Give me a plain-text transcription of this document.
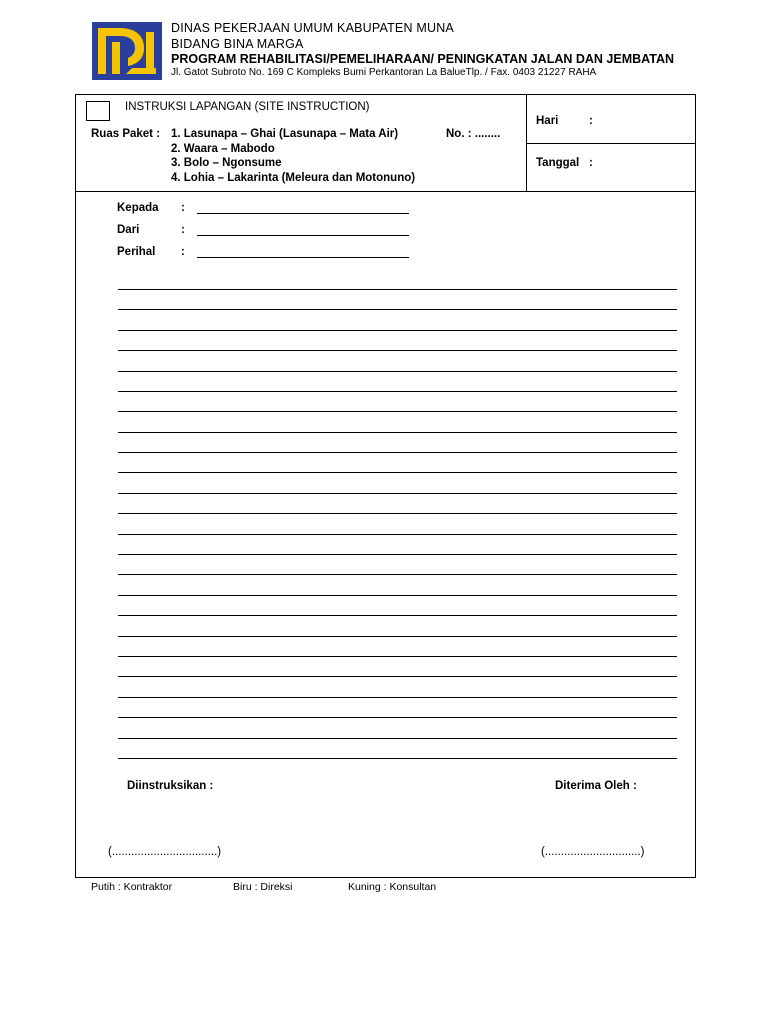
DINAS PEKERJAAN UMUM KABUPATEN MUNA
BIDANG BINA MARGA
PROGRAM REHABILITASI/PEMELIHARAAN/ PENINGKATAN JALAN DAN JEMBATAN
Jl. Gatot Subroto No. 169 C Kompleks Bumi Perkantoran La BalueTlp. / Fax. 0403 21227 RAHA
INSTRUKSI LAPANGAN (SITE INSTRUCTION)
Ruas Paket : 1. Lasunapa – Ghai (Lasunapa – Mata Air)
2. Waara – Mabodo
3. Bolo – Ngonsume
4. Lohia – Lakarinta (Meleura dan Motonuno)
No. : ........
Hari	:
Tanggal :
Kepada :
Dari	:
Perihal :
Diinstruksikan :	Diterima Oleh :
(.................................)	(..............................)
Putih : Kontraktor	Biru : Direksi	Kuning : Konsultan
